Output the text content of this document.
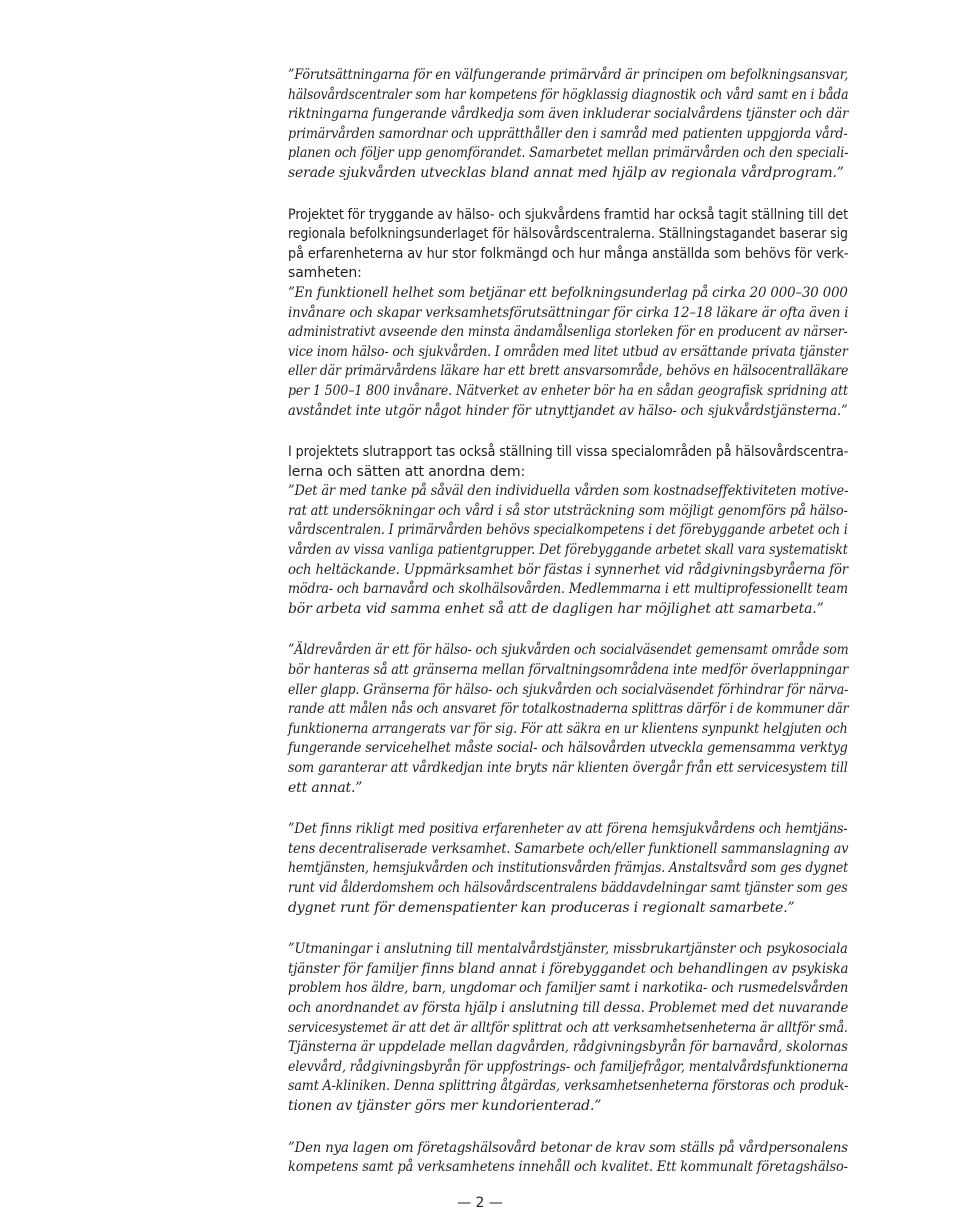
”Förutsättningarna för en välfungerande primärvård är principen om befolkningsansvar,
hälsovårdscentraler som har kompetens för högklassig diagnostik och vård samt en i båda
riktningarna fungerande vårdkedja som även inkluderar socialvårdens tjänster och där
primärvården samordnar och upprätthåller den i samråd med patienten uppgjorda vård-
planen och följer upp genomförandet. Samarbetet mellan primärvården och den speciali-
serade sjukvården utvecklas bland annat med hjälp av regionala vårdprogram.”
Projektet för tryggande av hälso- och sjukvårdens framtid har också tagit ställning till det
regionala befolkningsunderlaget för hälsovårdscentralerna. Ställningstagandet baserar sig
på erfarenheterna av hur stor folkmängd och hur många anställda som behövs för verk-
samheten:
”En funktionell helhet som betjänar ett befolkningsunderlag på cirka 20 000–30 000
invånare och skapar verksamhetsförutsättningar för cirka 12–18 läkare är ofta även i
administrativt avseende den minsta ändamålsenliga storleken för en producent av närser-
vice inom hälso- och sjukvården. I områden med litet utbud av ersättande privata tjänster
eller där primärvårdens läkare har ett brett ansvarsområde, behövs en hälsocentralläkare
per 1 500–1 800 invånare. Nätverket av enheter bör ha en sådan geografisk spridning att
avståndet inte utgör något hinder för utnyttjandet av hälso- och sjukvårdstjänsterna.”
I projektets slutrapport tas också ställning till vissa specialområden på hälsovårdscentra-
lerna och sätten att anordna dem:
”Det är med tanke på såväl den individuella vården som kostnadseffektiviteten motive-
rat att undersökningar och vård i så stor utsträckning som möjligt genomförs på hälso-
vårdscentralen. I primärvården behövs specialkompetens i det förebyggande arbetet och i
vården av vissa vanliga patientgrupper. Det förebyggande arbetet skall vara systematiskt
och heltäckande. Uppmärksamhet bör fästas i synnerhet vid rådgivningsbyråerna för
mödra- och barnavård och skolhälsovården. Medlemmarna i ett multiprofessionellt team
bör arbeta vid samma enhet så att de dagligen har möjlighet att samarbeta.”
”Äldrevården är ett för hälso- och sjukvården och socialväsendet gemensamt område som
bör hanteras så att gränserna mellan förvaltningsområdena inte medför överlappningar
eller glapp. Gränserna för hälso- och sjukvården och socialväsendet förhindrar för närva-
rande att målen nås och ansvaret för totalkostnaderna splittras därför i de kommuner där
funktionerna arrangerats var för sig. För att säkra en ur klientens synpunkt helgjuten och
fungerande servicehelhet måste social- och hälsovården utveckla gemensamma verktyg
som garanterar att vårdkedjan inte bryts när klienten övergår från ett servicesystem till
ett annat.”
”Det finns rikligt med positiva erfarenheter av att förena hemsjukvårdens och hemtjäns-
tens decentraliserade verksamhet. Samarbete och/eller funktionell sammanslagning av
hemtjänsten, hemsjukvården och institutionsvården främjas. Anstaltsvård som ges dygnet
runt vid ålderdomshem och hälsovårdscentralens bäddavdelningar samt tjänster som ges
dygnet runt för demenspatienter kan produceras i regionalt samarbete.”
”Utmaningar i anslutning till mentalvårdstjänster, missbrukartjänster och psykosociala
tjänster för familjer finns bland annat i förebyggandet och behandlingen av psykiska
problem hos äldre, barn, ungdomar och familjer samt i narkotika- och rusmedelsvården
och anordnandet av första hjälp i anslutning till dessa. Problemet med det nuvarande
servicesystemet är att det är alltför splittrat och att verksamhetsenheterna är alltför små.
Tjänsterna är uppdelade mellan dagvården, rådgivningsbyrån för barnavård, skolornas
elevvård, rådgivningsbyrån för uppfostrings- och familjefrågor, mentalvårdsfunktionerna
samt A-kliniken. Denna splittring åtgärdas, verksamhetsenheterna förstoras och produk-
tionen av tjänster görs mer kundorienterad.”
”Den nya lagen om företagshälsovård betonar de krav som ställs på vårdpersonalens
kompetens samt på verksamhetens innehåll och kvalitet. Ett kommunalt företagshälso-
— 2 —
